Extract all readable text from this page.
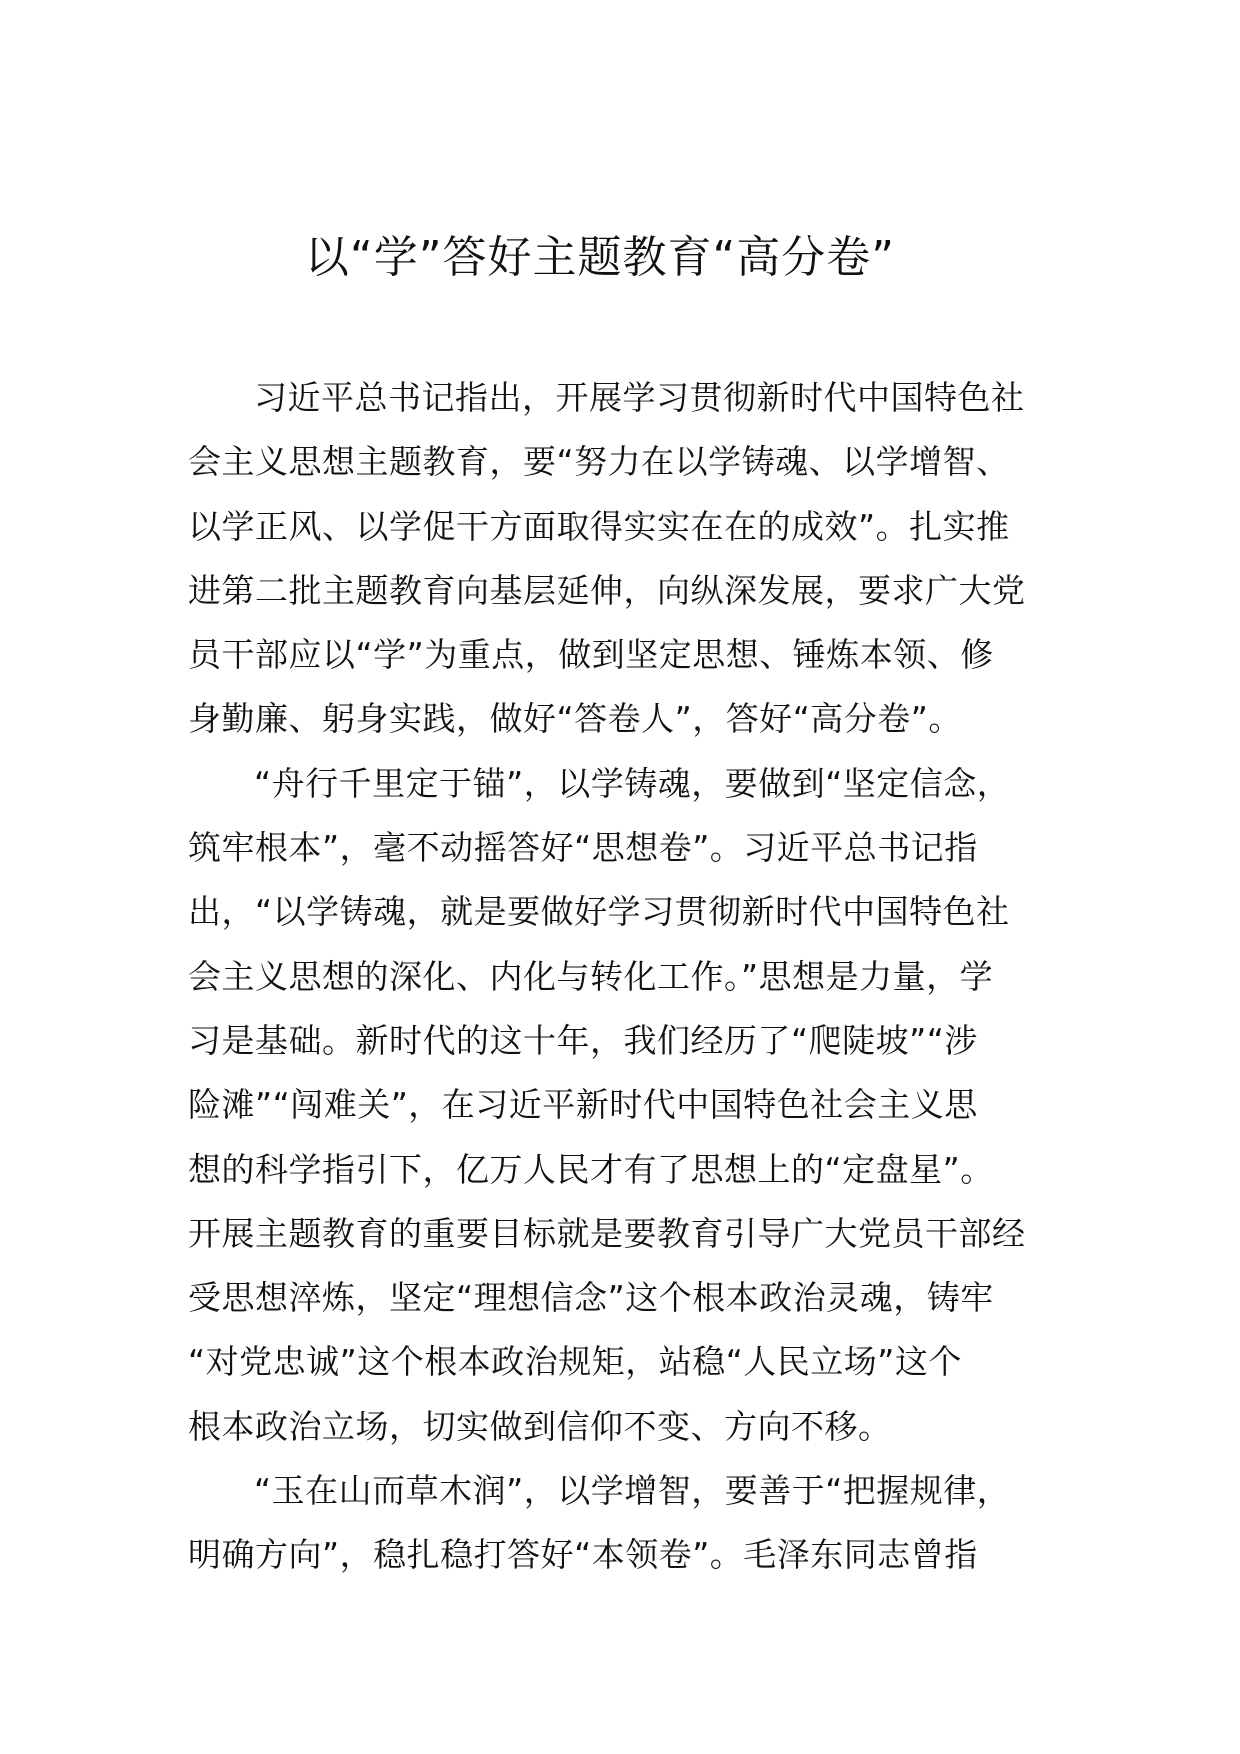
以“学”答好主题教育“高分卷”
习近平总书记指出，开展学习贯彻新时代中国特色社
会主义思想主题教育，要“努力在以学铸魂、以学增智、
以学正风、以学促干方面取得实实在在的成效”。扎实推
进第二批主题教育向基层延伸，向纵深发展，要求广大党
员干部应以“学”为重点，做到坚定思想、锤炼本领、修
身勤廉、躬身实践，做好“答卷人”，答好“高分卷”。
“舟行千里定于锚”，以学铸魂，要做到“坚定信念，
筑牢根本”，毫不动摇答好“思想卷”。习近平总书记指
出，“以学铸魂，就是要做好学习贯彻新时代中国特色社
会主义思想的深化、内化与转化工作。”思想是力量，学
习是基础。新时代的这十年，我们经历了“爬陡坡”“涉
险滩”“闯难关”，在习近平新时代中国特色社会主义思
想的科学指引下，亿万人民才有了思想上的“定盘星”。
开展主题教育的重要目标就是要教育引导广大党员干部经
受思想淬炼，坚定“理想信念”这个根本政治灵魂，铸牢
“对党忠诚”这个根本政治规矩，站稳“人民立场”这个
根本政治立场，切实做到信仰不变、方向不移。
“玉在山而草木润”，以学增智，要善于“把握规律，
明确方向”，稳扎稳打答好“本领卷”。毛泽东同志曾指
